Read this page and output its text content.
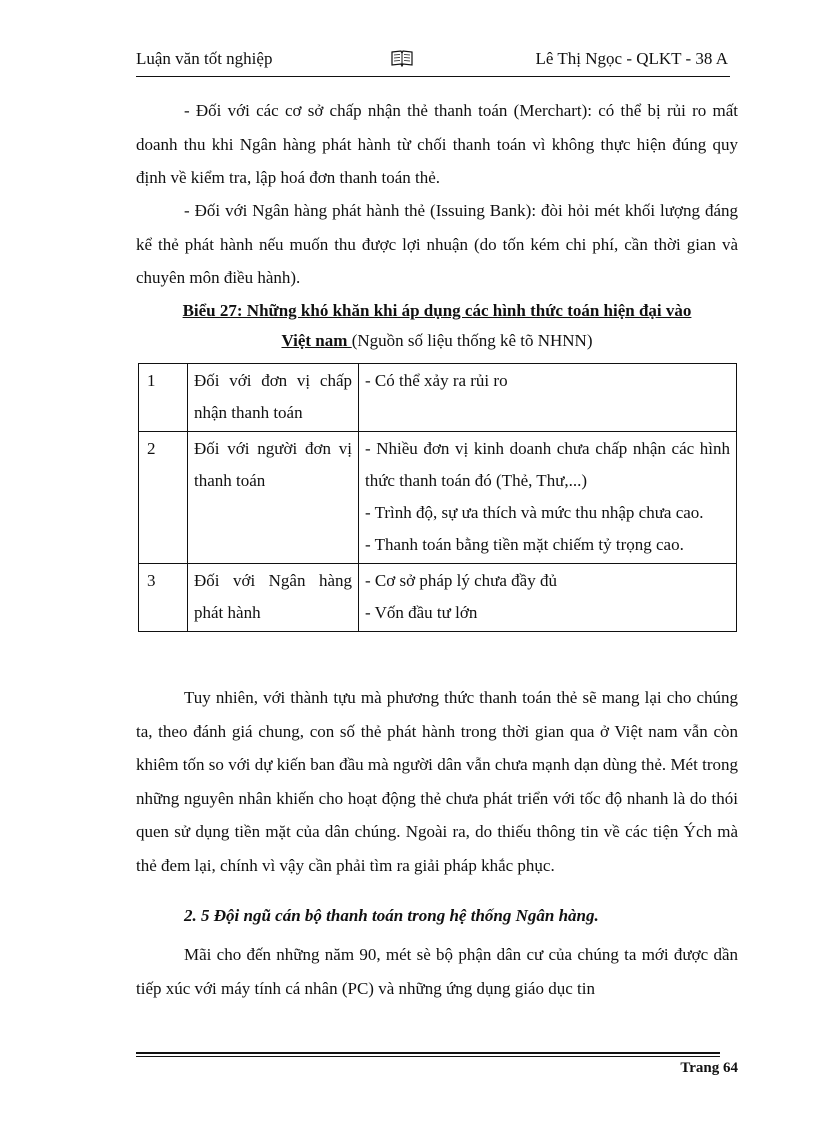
Luận văn tốt nghiệp	Lê Thị Ngọc - QLKT - 38 A

- Đối với các cơ sở chấp nhận thẻ thanh toán (Merchart): có thể bị rủi ro mất doanh thu khi Ngân hàng phát hành từ chối thanh toán vì không thực hiện đúng quy định về kiểm tra, lập hoá đơn thanh toán thẻ.

- Đối với Ngân hàng phát hành thẻ (Issuing Bank): đòi hỏi mét khối lượng đáng kể thẻ phát hành nếu muốn thu được lợi nhuận (do tốn kém chi phí, cần thời gian và chuyên môn điều hành).

Biểu 27: Những khó khăn khi áp dụng các hình thức toán hiện đại vào
Việt nam (Nguồn số liệu thống kê tõ NHNN)

1	Đối với đơn vị chấp nhận thanh toán	- Có thể xảy ra rủi ro

2	Đối với người đơn vị thanh toán	- Nhiều đơn vị kinh doanh chưa chấp nhận các hình thức thanh toán đó (Thẻ, Thư,...)
- Trình độ, sự ưa thích và mức thu nhập chưa cao.
- Thanh toán bằng tiền mặt chiếm tỷ trọng cao.

3	Đối với Ngân hàng phát hành	- Cơ sở pháp lý chưa đầy đủ
- Vốn đầu tư lớn

Tuy nhiên, với thành tựu mà phương thức thanh toán thẻ sẽ mang lại cho chúng ta, theo đánh giá chung, con số thẻ phát hành trong thời gian qua ở Việt nam vẫn còn khiêm tốn so với dự kiến ban đầu mà người dân vẫn chưa mạnh dạn dùng thẻ. Mét trong những nguyên nhân khiến cho hoạt động thẻ chưa phát triển với tốc độ nhanh là do thói quen sử dụng tiền mặt của dân chúng. Ngoài ra, do thiếu thông tin về các tiện Ých mà thẻ đem lại, chính vì vậy cần phải tìm ra giải pháp khắc phục.

2. 5 Đội ngũ cán bộ thanh toán trong hệ thống Ngân hàng.

Mãi cho đến những năm 90, mét sè bộ phận dân cư của chúng ta mới được dần tiếp xúc với máy tính cá nhân (PC) và những ứng dụng giáo dục tin

Trang 64
